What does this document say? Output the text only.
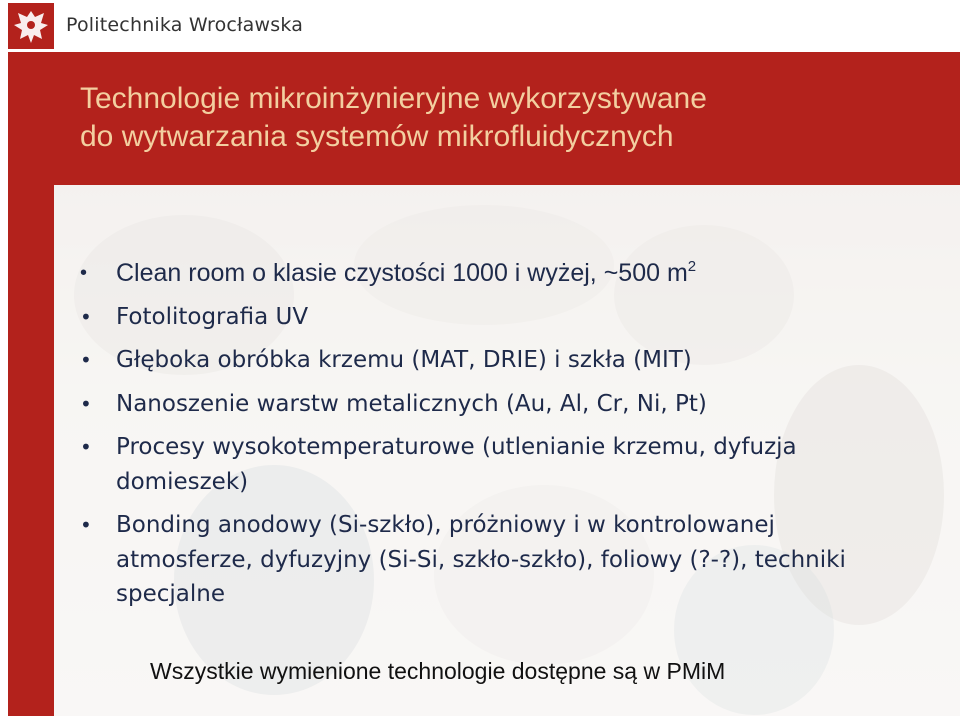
Politechnika Wrocławska
Technologie mikroinżynieryjne wykorzystywane
do wytwarzania systemów mikrofluidycznych
• Clean room o klasie czystości 1000 i wyżej, ~500 $m^2$
• Fotolitografia UV
• Głęboka obróbka krzemu (MAT, DRIE) i szkła (MIT)
• Nanoszenie warstw metalicznych (Au, Al, Cr, Ni, Pt)
• Procesy wysokotemperaturowe (utlenianie krzemu, dyfuzja domieszek)
• Bonding anodowy (Si-szkło), próżniowy i w kontrolowanej atmosferze, dyfuzyjny (Si-Si, szkło-szkło), foliowy (?-?), techniki specjalne
Wszystkie wymienione technologie dostępne są w PMiM
